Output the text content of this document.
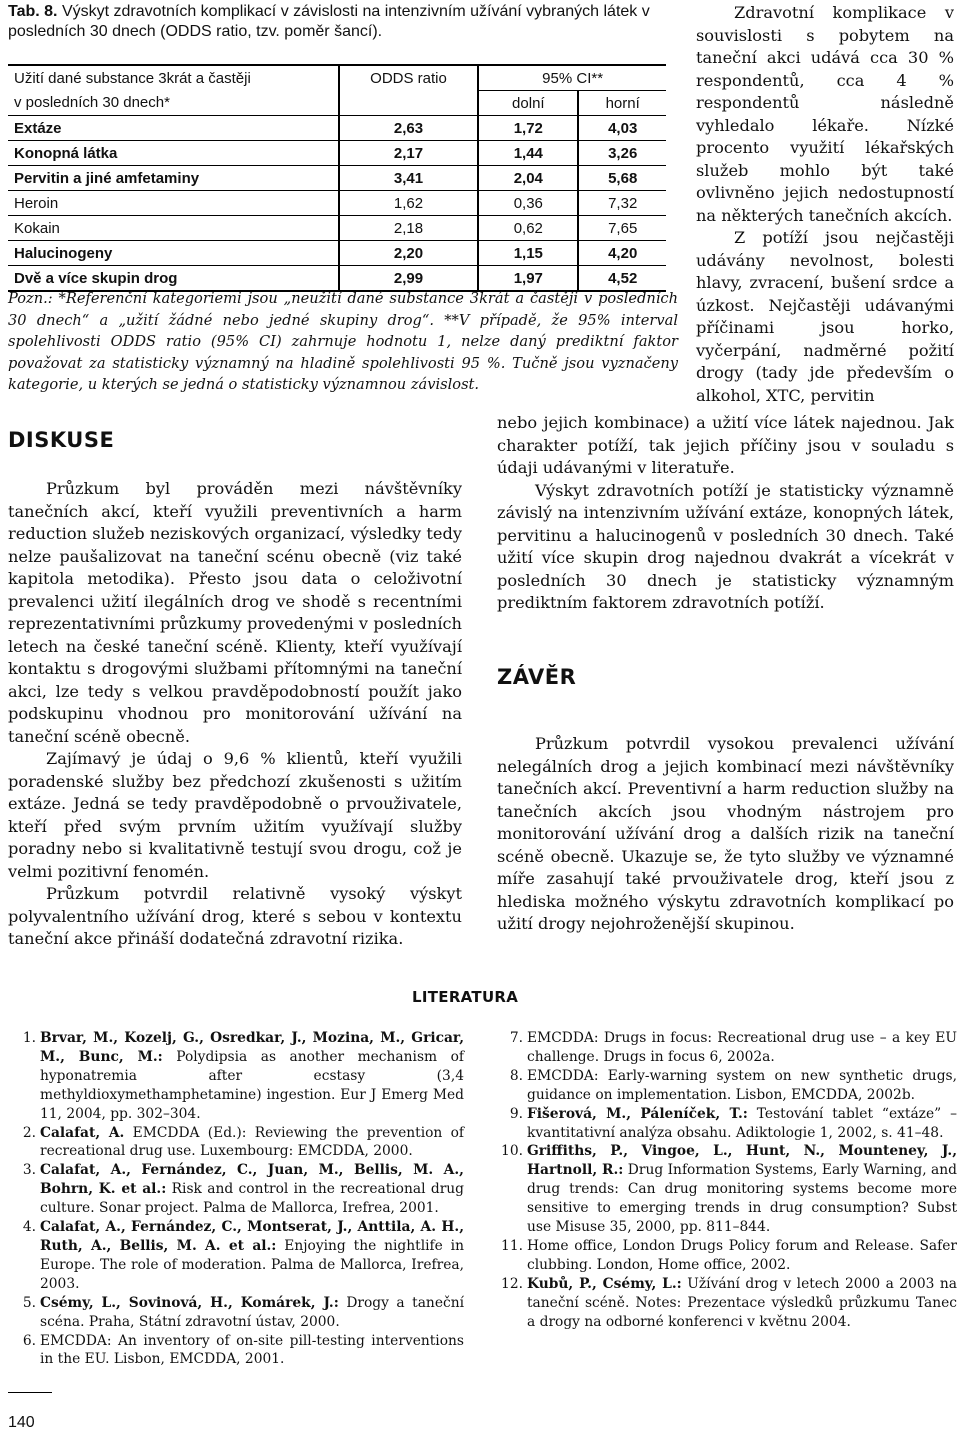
Tab. 8. Výskyt zdravotních komplikací v závislosti na intenzivním užívání vybraných látek v posledních 30 dnech (ODDS ratio, tzv. poměr šancí).
Užití dané substance 3krát a častěji	ODDS ratio	95% CI**	
v posledních 30 dnech*		dolní	horní
Extáze	2,63	1,72	4,03
Konopná látka	2,17	1,44	3,26
Pervitin a jiné amfetaminy	3,41	2,04	5,68
Heroin	1,62	0,36	7,32
Kokain	2,18	0,62	7,65
Halucinogeny	2,20	1,15	4,20
Dvě a více skupin drog	2,99	1,97	4,52

Pozn.: *Referenční kategoriemi jsou „neužití dané substance 3krát a častěji v posledních 30 dnech“ a „užití žádné nebo jedné skupiny drog“. **V případě, že 95% interval spolehlivosti ODDS ratio (95% CI) zahrnuje hodnotu 1, nelze daný prediktní faktor považovat za statisticky významný na hladině spolehlivosti 95 %. Tučně jsou vyznačeny kategorie, u kterých se jedná o statisticky významnou závislost.

Zdravotní komplikace v souvislosti s pobytem na taneční akci udává cca 30 % respondentů, cca 4 % respondentů následně vyhledalo lékaře. Nízké procento využití lékařských služeb mohlo být také ovlivněno jejich nedostupností na některých tanečních akcích.

Z potíží jsou nejčastěji udávány nevolnost, bolesti hlavy, zvracení, bušení srdce a úzkost. Nejčastěji udávanými příčinami jsou horko, vyčerpání, nadměrné požití drogy (tady jde především o alkohol, XTC, pervitin

nebo jejich kombinace) a užití více látek najednou. Jak charakter potíží, tak jejich příčiny jsou v souladu s údaji udávanými v literatuře.

Výskyt zdravotních potíží je statisticky významně závislý na intenzivním užívání extáze, konopných látek, pervitinu a halucinogenů v posledních 30 dnech. Také užití více skupin drog najednou dvakrát a vícekrát v posledních 30 dnech je statisticky významným prediktním faktorem zdravotních potíží.

DISKUSE

Průzkum byl prováděn mezi návštěvníky tanečních akcí, kteří využili preventivních a harm reduction služeb neziskových organizací, výsledky tedy nelze paušalizovat na taneční scénu obecně (viz také kapitola metodika). Přesto jsou data o celoživotní prevalenci užití ilegálních drog ve shodě s recentními reprezentativními průzkumy provedenými v posledních letech na české taneční scéně. Klienty, kteří využívají kontaktu s drogovými službami přítomnými na taneční akci, lze tedy s velkou pravděpodobností použít jako podskupinu vhodnou pro monitorování užívání na taneční scéně obecně.

Zajímavý je údaj o 9,6 % klientů, kteří využili poradenské služby bez předchozí zkušenosti s užitím extáze. Jedná se tedy pravděpodobně o prvouživatele, kteří před svým prvním užitím využívají služby poradny nebo si kvalitativně testují svou drogu, což je velmi pozitivní fenomén.

Průzkum potvrdil relativně vysoký výskyt polyvalentního užívání drog, které s sebou v kontextu taneční akce přináší dodatečná zdravotní rizika.

ZÁVĚR

Průzkum potvrdil vysokou prevalenci užívání nelegálních drog a jejich kombinací mezi návštěvníky tanečních akcí. Preventivní a harm reduction služby na tanečních akcích jsou vhodným nástrojem pro monitorování užívání drog a dalších rizik na taneční scéně obecně. Ukazuje se, že tyto služby ve významné míře zasahují také prvouživatele drog, kteří jsou z hlediska možného výskytu zdravotních komplikací po užití drogy nejohroženější skupinou.

LITERATURA
1. Brvar, M., Kozelj, G., Osredkar, J., Mozina, M., Gricar, M., Bunc, M.: Polydipsia as another mechanism of hyponatremia after ecstasy (3,4 methyldioxymethamphetamine) ingestion. Eur J Emerg Med 11, 2004, pp. 302–304.
2. Calafat, A. EMCDDA (Ed.): Reviewing the prevention of recreational drug use. Luxembourg: EMCDDA, 2000.
3. Calafat, A., Fernández, C., Juan, M., Bellis, M. A., Bohrn, K. et al.: Risk and control in the recreational drug culture. Sonar project. Palma de Mallorca, Irefrea, 2001.
4. Calafat, A., Fernández, C., Montserat, J., Anttila, A. H., Ruth, A., Bellis, M. A. et al.: Enjoying the nightlife in Europe. The role of moderation. Palma de Mallorca, Irefrea, 2003.
5. Csémy, L., Sovinová, H., Komárek, J.: Drogy a taneční scéna. Praha, Státní zdravotní ústav, 2000.
6. EMCDDA: An inventory of on-site pill-testing interventions in the EU. Lisbon, EMCDDA, 2001.
7. EMCDDA: Drugs in focus: Recreational drug use – a key EU challenge. Drugs in focus 6, 2002a.
8. EMCDDA: Early-warning system on new synthetic drugs, guidance on implementation. Lisbon, EMCDDA, 2002b.
9. Fišerová, M., Páleníček, T.: Testování tablet “extáze” – kvantitativní analýza obsahu. Adiktologie 1, 2002, s. 41–48.
10. Griffiths, P., Vingoe, L., Hunt, N., Mounteney, J., Hartnoll, R.: Drug Information Systems, Early Warning, and drug trends: Can drug monitoring systems become more sensitive to emerging trends in drug consumption? Subst use Misuse 35, 2000, pp. 811–844.
11. Home office, London Drugs Policy forum and Release. Safer clubbing. London, Home office, 2002.
12. Kubů, P., Csémy, L.: Užívání drog v letech 2000 a 2003 na taneční scéně. Notes: Prezentace výsledků průzkumu Tanec a drogy na odborné konferenci v květnu 2004.
140
